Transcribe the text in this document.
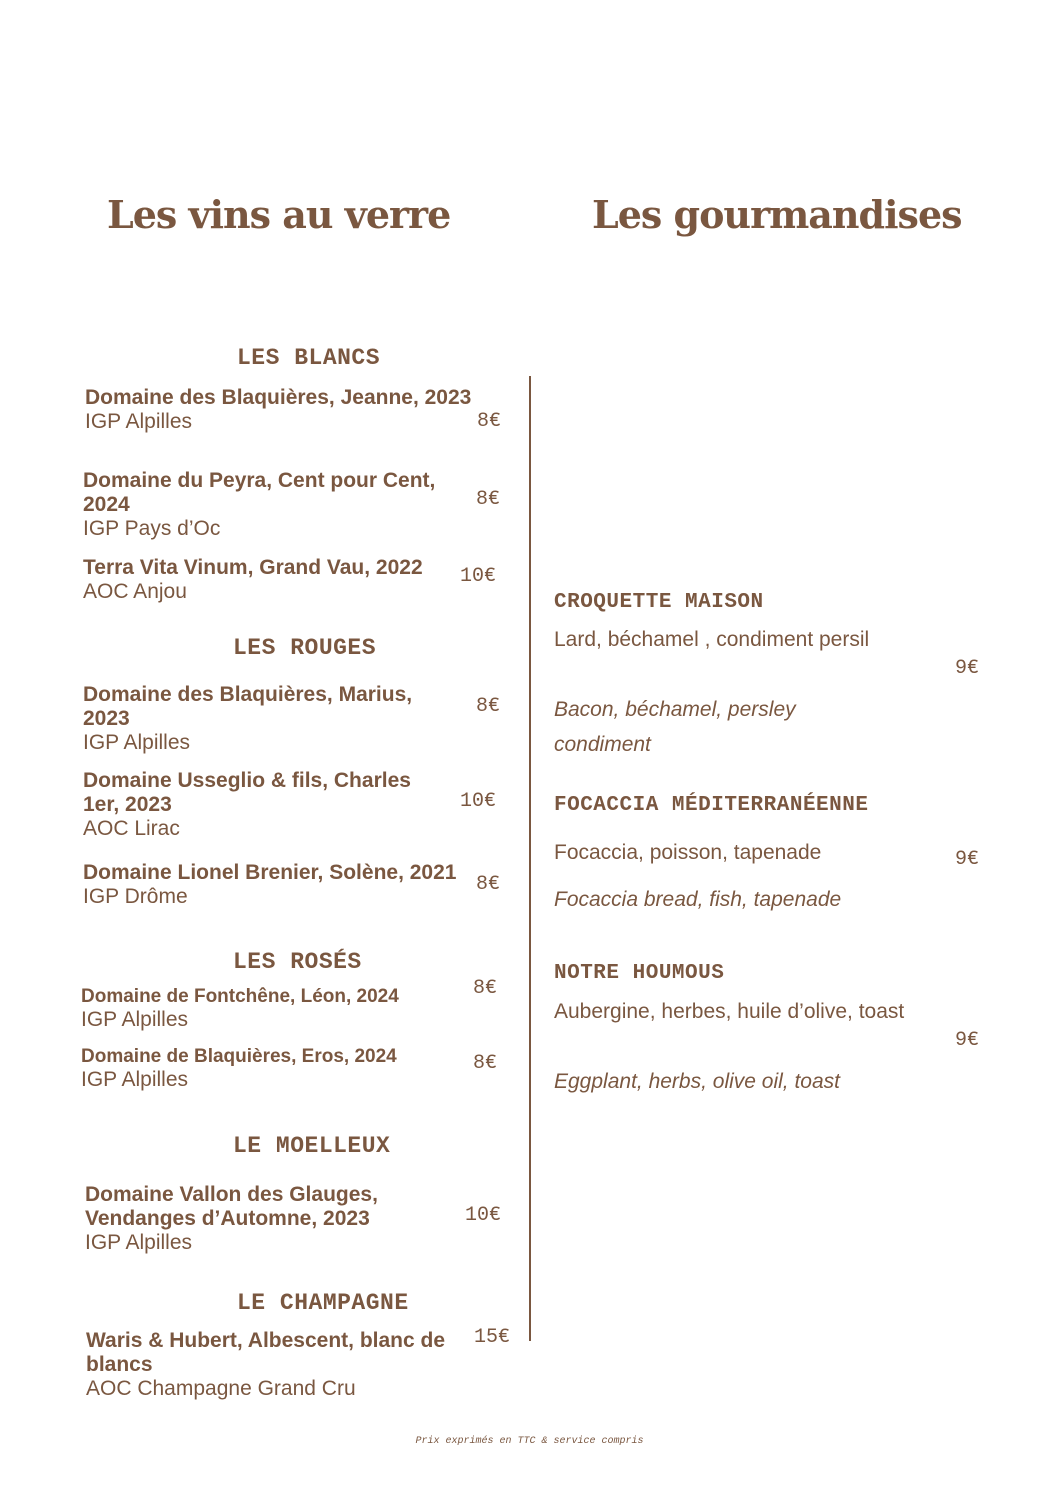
Les vins au verre	Les gourmandises
LES BLANCS
Domaine des Blaquières, Jeanne, 2023
IGP Alpilles	8€
Domaine du Peyra, Cent pour Cent, 2024
IGP Pays d’Oc
8€
Terra Vita Vinum, Grand Vau, 2022
AOC Anjou
10€
LES ROUGES
Domaine des Blaquières, Marius, 2023
IGP Alpilles
8€
Domaine Usseglio & fils, Charles 1er, 2023
AOC Lirac
10€
Domaine Lionel Brenier, Solène, 2021
IGP Drôme
8€
LES ROSÉS
Domaine de Fontchêne, Léon, 2024
IGP Alpilles
8€
Domaine de Blaquières, Eros, 2024
IGP Alpilles
8€
LE MOELLEUX
Domaine Vallon des Glauges, Vendanges d’Automne, 2023
IGP Alpilles
10€
LE CHAMPAGNE
Waris & Hubert, Albescent, blanc de blancs
AOC Champagne Grand Cru
15€
CROQUETTE MAISON
Lard, béchamel , condiment persil
Bacon, béchamel, persley condiment
9€
FOCACCIA MÉDITERRANÉENNE
Focaccia, poisson, tapenade
Focaccia bread, fish, tapenade
9€
NOTRE HOUMOUS
Aubergine, herbes, huile d’olive, toast
Eggplant, herbs, olive oil, toast
9€
Prix exprimés en TTC & service compris
